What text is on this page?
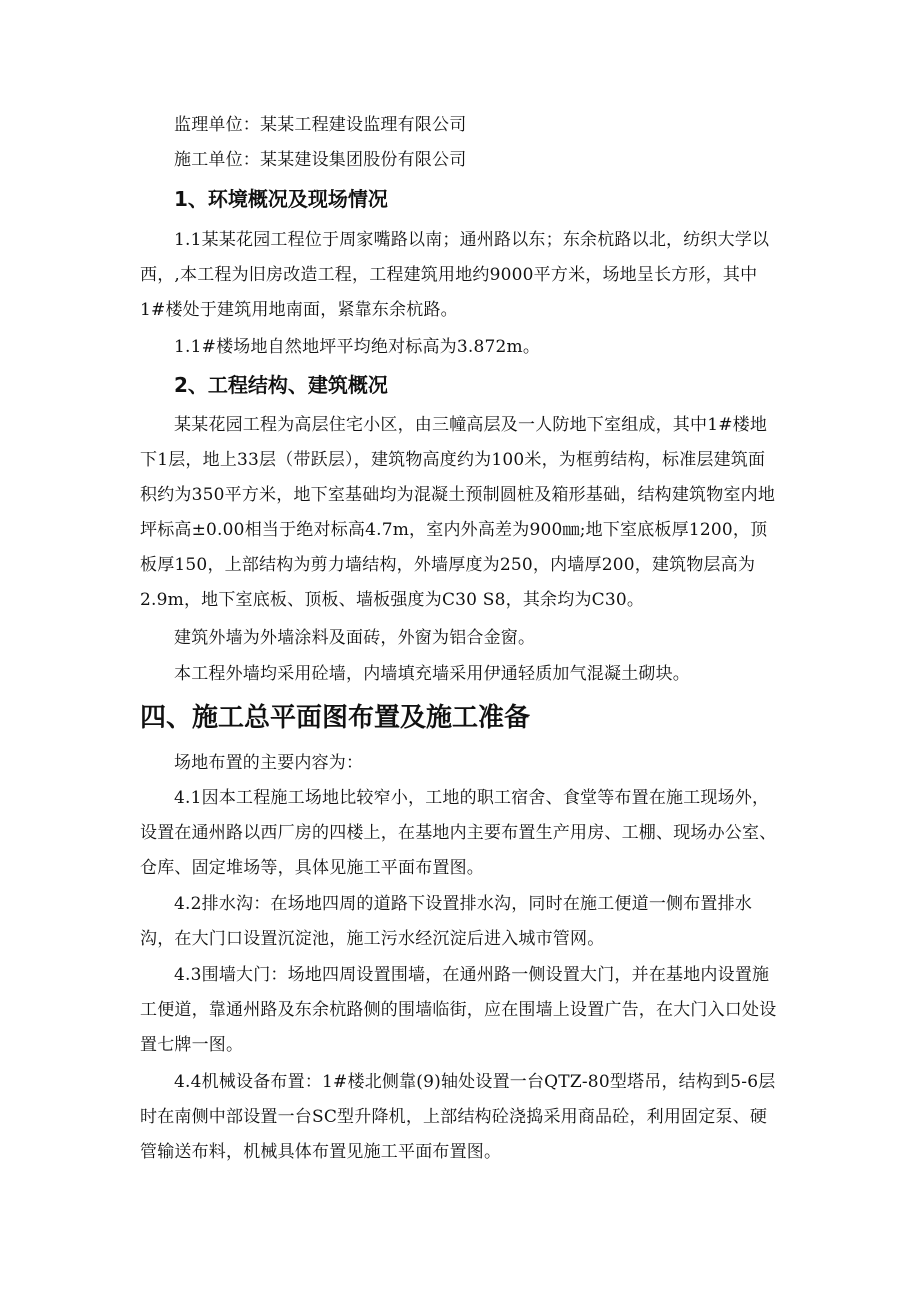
监理单位：某某工程建设监理有限公司

施工单位：某某建设集团股份有限公司

1、环境概况及现场情况

1.1某某花园工程位于周家嘴路以南；通州路以东；东余杭路以北，纺织大学以西，,本工程为旧房改造工程，工程建筑用地约9000平方米，场地呈长方形，其中1#楼处于建筑用地南面，紧靠东余杭路。

1.1#楼场地自然地坪平均绝对标高为3.872m。

2、工程结构、建筑概况

某某花园工程为高层住宅小区，由三幢高层及一人防地下室组成，其中1#楼地下1层，地上33层（带跃层），建筑物高度约为100米，为框剪结构，标准层建筑面积约为350平方米，地下室基础均为混凝土预制圆桩及箱形基础，结构建筑物室内地坪标高±0.00相当于绝对标高4.7m，室内外高差为900㎜;地下室底板厚1200，顶板厚150，上部结构为剪力墙结构，外墙厚度为250，内墙厚200，建筑物层高为2.9m，地下室底板、顶板、墙板强度为C30 S8，其余均为C30。

建筑外墙为外墙涂料及面砖，外窗为铝合金窗。

本工程外墙均采用砼墙，内墙填充墙采用伊通轻质加气混凝土砌块。

四、施工总平面图布置及施工准备

场地布置的主要内容为：

4.1因本工程施工场地比较窄小，工地的职工宿舍、食堂等布置在施工现场外，设置在通州路以西厂房的四楼上，在基地内主要布置生产用房、工棚、现场办公室、仓库、固定堆场等，具体见施工平面布置图。

4.2排水沟：在场地四周的道路下设置排水沟，同时在施工便道一侧布置排水沟，在大门口设置沉淀池，施工污水经沉淀后进入城市管网。

4.3围墙大门：场地四周设置围墙，在通州路一侧设置大门，并在基地内设置施工便道，靠通州路及东余杭路侧的围墙临街，应在围墙上设置广告，在大门入口处设置七牌一图。

4.4机械设备布置：1#楼北侧靠(9)轴处设置一台QTZ-80型塔吊，结构到5-6层时在南侧中部设置一台SC型升降机，上部结构砼浇捣采用商品砼，利用固定泵、硬管输送布料，机械具体布置见施工平面布置图。
